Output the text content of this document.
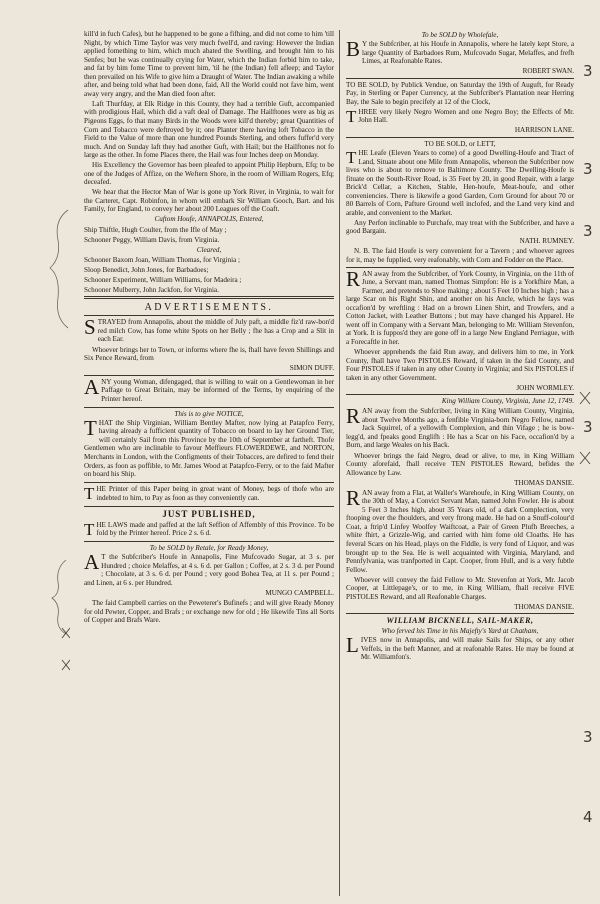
kill'd in fuch Cafes), but he happened to be gone a fifhing, and did not come to him 'till Night, by which Time Taylor was very much fwell'd, and raving: However the Indian applied fomething to him, which much abated the Swelling, and brought him to his Senfes; but he was continually crying for Water, which the Indian forbid him to take, and fat by him fome Time to prevent him, 'til he (the Indian) fell afleep; and Taylor then prevailed on his Wife to give him a Draught of Water. The Indian awaking a while after, and being told what had been done, faid, All the World could not fave him, went away very angry, and the Man died foon after.

Laft Thurfday, at Elk Ridge in this County, they had a terrible Guft, accompanied with prodigious Hail, which did a vaft deal of Damage. The Hailftones were as big as Pigeons Eggs, fo that many Birds in the Woods were kill'd thereby; great Quantities of Corn and Tobacco were deftroyed by it; one Planter there having loft Tobacco in the Field to the Value of more than one hundred Pounds Sterling, and others fuffer'd very much. And on Sunday laft they had another Guft, with Hail; but the Hailftones not fo large as the other. In fome Places there, the Hail was four Inches deep on Monday.

His Excellency the Governor has been pleafed to appoint Philip Hepburn, Efq; to be one of the Judges of Affize, on the Weftern Shore, in the room of William Rogers, Efq; deceafed.

We hear that the Hector Man of War is gone up York River, in Virginia, to wait for the Carteret, Capt. Robinfon, in whom will embark Sir William Gooch, Bart. and his Family, for England, to convey her about 200 Leagues off the Coaft.

Cuftom Houfe, ANNAPOLIS, Entered,

Ship Thiftle, Hugh Coulter, from the Ifle of May ;

Schooner Peggy, William Davis, from Virginia.

Cleared,

Schooner Baxom Joan, William Thomas, for Virginia ;

Sloop Benedict, John Jones, for Barbadoes;

Schooner Experiment, William Williams, for Madeira ;

Schooner Mulberry, John Jackfon, for Virginia.

ADVERTISEMENTS.
S TRAYED from Annapolis, about the middle of July paft, a middle fiz'd raw-bon'd red milch Cow, has fome white Spots on her Belly ; fhe has a Crop and a Slit in each Ear.

Whoever brings her to Town, or informs where fhe is, fhall have feven Shillings and Six Pence Reward, from

SIMON DUFF.

A NY young Woman, difengaged, that is willing to wait on a Gentlewoman in her Paffage to Great Britain, may be informed of the Terms, by enquiring of the Printer hereof.

This is to give NOTICE,
T HAT the Ship Virginian, William Bentley Mafter, now lying at Patapfco Ferry, having already a fufficient quantity of Tobacco on board to lay her Ground Tier, will certainly Sail from this Province by the 10th of September at fartheft. Thofe Gentlemen who are inclinable to favour Meffieurs FLOWERDEWE, and NORTON, Merchants in London, with the Configments of their Tobacces, are defired to fend their Orders, as foon as poffible, to Mr. James Wood at Patapfco-Ferry, or to the faid Mafter on board his Ship.

T HE Printer of this Paper being in great want of Money, begs of thofe who are indebted to him, to Pay as foon as they conveniently can.

JUST PUBLISHED,
T HE LAWS made and paffed at the laft Seffion of Affembly of this Province. To be fold by the Printer hereof. Price 2 s. 6 d.

To be SOLD by Retale, for Ready Money,
A T the Subfcriber's Houfe in Annapolis, Fine Mufcovado Sugar, at 3 s. per Hundred ; choice Melaffes, at 4 s. 6 d. per Gallon ; Coffee, at 2 s. 3 d. per Pound ; Chocolate, at 3 s. 6 d. per Pound ; very good Bohea Tea, at 11 s. per Pound ; and Linen, at 6 s. per Hundred.

MUNGO CAMPBELL.

The faid Campbell carries on the Peweterer's Bufinefs ; and will give Ready Money for old Pewter, Copper, and Brafs ; or exchange new for old ; He likewife Tins all Sorts of Copper and Brafs Ware.

To be SOLD by Wholefale,
B Y the Subfcriber, at his Houfe in Annapolis, where he lately kept Store, a large Quantity of Barbadoes Rum, Mufcovado Sugar, Melaffes, and frefh Limes, at Reafonable Rates.

ROBERT SWAN.

TO BE SOLD, by Publick Vendue, on Saturday the 19th of Auguft, for Ready Pay, in Sterling or Paper Currency, at the Subfcriber's Plantation near Herring Bay, the Sale to begin precifely at 12 of the Clock,

T HREE very likely Negro Women and one Negro Boy; the Effects of Mr. John Hall.

HARRISON LANE.

TO BE SOLD, or LETT,
T HE Leafe (Eleven Years to come) of a good Dwelling-Houfe and Tract of Land, Situate about one Mile from Annapolis, whereon the Subfcriber now lives who is about to remove to Baltimore County. The Dwelling-Houfe is fituate on the South-River Road, is 35 Feet by 20, in good Repair, with a large Brick'd Cellar, a Kitchen, Stable, Hen-houfe, Meat-houfe, and other conveniencies. There is likewife a good Garden, Corn Ground for about 70 or 80 Barrels of Corn, Pafture Ground well inclofed, and the Land very kind and arable, and convenient to the Market.

Any Perfon inclinable to Purchafe, may treat with the Subfcriber, and have a good Bargain.

NATH. RUMNEY.

N. B. The faid Houfe is very convenient for a Tavern ; and whoever agrees for it, may be fupplied, very reafonably, with Corn and Fodder on the Place.

R AN away from the Subfcriber, of York County, in Virginia, on the 11th of June, a Servant man, named Thomas Simpfon: He is a Yorkfhire Man, a Farmer, and pretends to Shoe making ; about 5 Feet 10 Inches high ; has a large Scar on his Right Shin, and another on his Ancle, which he fays was occafion'd by wreftling : Had on a brown Linen Shirt, and Trowfers, and a Cotton Jacket, with Leather Buttons ; but may have changed his Apparel. He went off in Company with a Servant Man, belonging to Mr. William Stevenfon, at York. It is fuppos'd they are gone off in a large New England Perriague, with a Forecaftle in her.

Whoever apprehends the faid Run away, and delivers him to me, in York County, fhall have Two PISTOLES Reward, if taken in the faid County, and Four PISTOLES if taken in any other County in Virginia; and Six PISTOLES if taken in any other Government.

JOHN WORMLEY.

King William County, Virginia, June 12, 1749.

R AN away from the Subfcriber, living in King William County, Virginia, about Twelve Months ago, a fenfible Virginia-born Negro Fellow, named Jack Squirrel, of a yellowifh Complexion, and thin Vifage ; he is bow-legg'd, and fpeaks good Englifh : He has a Scar on his Face, occafion'd by a Burn, and large Weales on his Back.

Whoever brings the faid Negro, dead or alive, to me, in King William County aforefaid, fhall receive TEN PISTOLES Reward, befides the Allowance by Law.

THOMAS DANSIE.

R AN away from a Flat, at Waller's Warehoufe, in King William County, on the 30th of May, a Convict Servant Man, named John Fowler. He is about 5 Feet 3 Inches high, about 35 Years old, of a dark Complection, very ftooping over the fhoulders, and very ftrong made. He had on a Snuff-colour'd Coat, a ftrip'd Linfey Woolfey Waiftcoat, a Pair of Green Plufh Breeches, a white fhirt, a Grizzle-Wig, and carried with him fome old Cloaths. He has feveral Scars on his Head, plays on the Fiddle, is very fond of Liquor, and was brought up to the Sea. He is well acquainted with Virginia, Maryland, and Pennfylvania, was tranfported in Capt. Cooper, from Hull, and is a very fubtle Fellow.

Whoever will convey the faid Fellow to Mr. Stevenfon at York, Mr. Jacob Cooper, at Littlepage's, or to me, in King William, fhall receive FIVE PISTOLES Reward, and all Reafonable Charges.

THOMAS DANSIE.

WILLIAM BICKNELL, SAIL-MAKER,
Who ferved his Time in his Majefty's Yard at Chatham,
L IVES now in Annapolis, and will make Sails for Ships, or any other Veffels, in the beft Manner, and at reafonable Rates. He may be found at Mr. Williamfon's.

3
3
3
3
3
4
